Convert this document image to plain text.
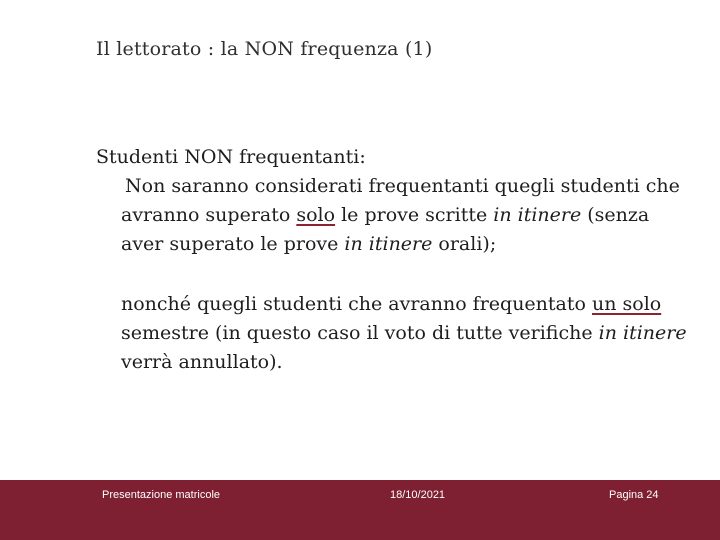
Il lettorato : la NON frequenza (1)

Studenti NON frequentanti:

Non saranno considerati frequentanti quegli studenti che avranno superato solo le prove scritte in itinere (senza aver superato le prove in itinere orali);

nonché quegli studenti che avranno frequentato un solo semestre (in questo caso il voto di tutte verifiche in itinere verrà annullato).

Presentazione matricole	18/10/2021	Pagina 24
